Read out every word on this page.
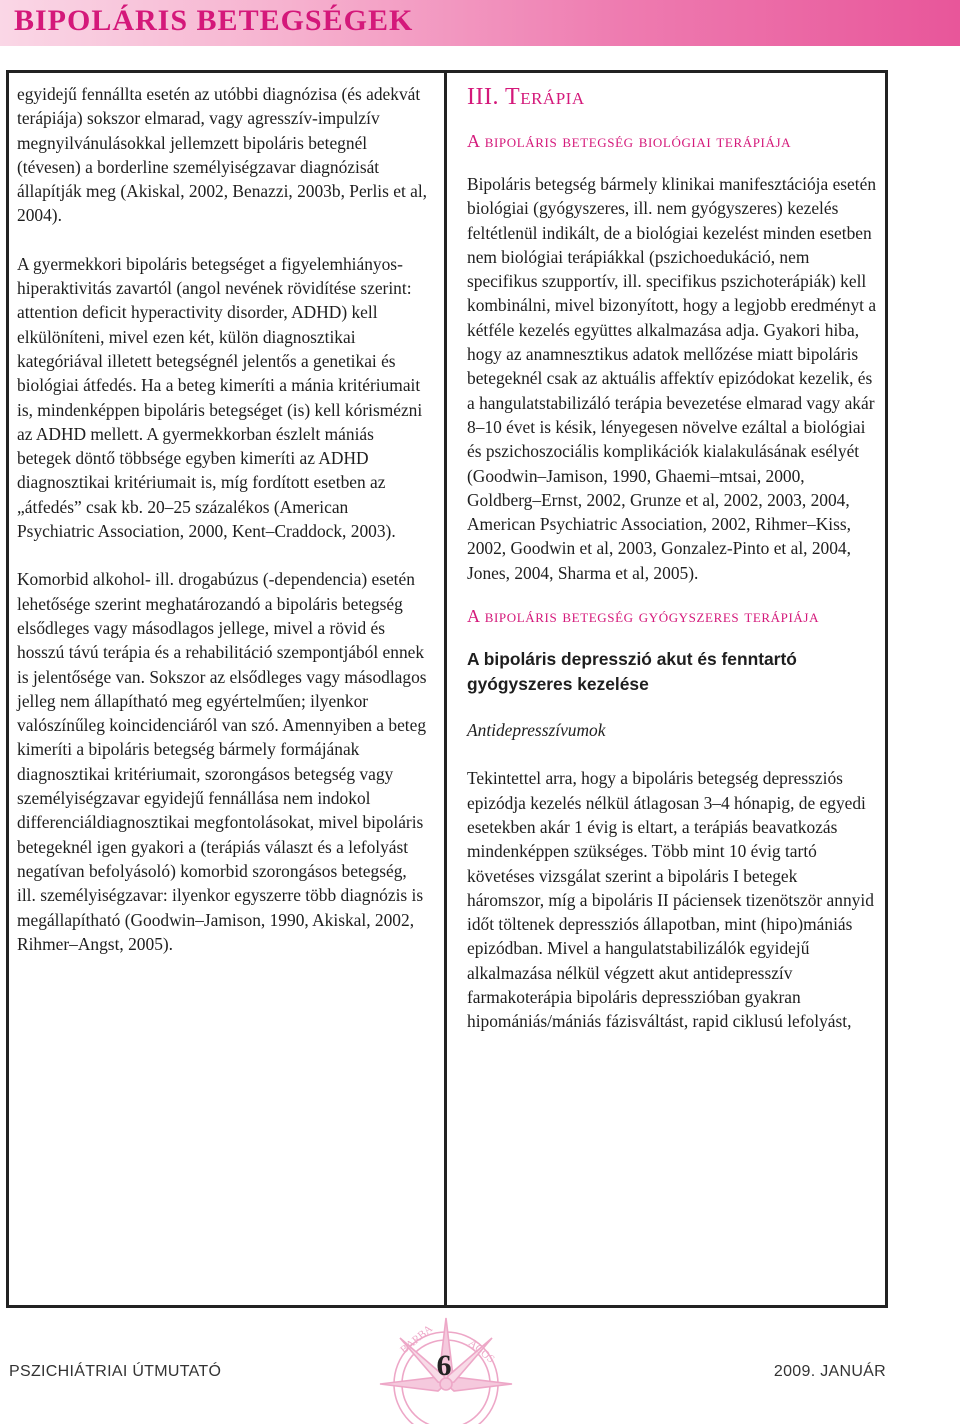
BIPOLÁRIS BETEGSÉGEK

egyidejű fennállta esetén az utóbbi diagnózisa (és adekvát terápiája) sokszor elmarad, vagy agresszív-impulzív megnyilvánulásokkal jellemzett bipoláris betegnél (tévesen) a borderline személyiségzavar diagnózisát állapítják meg (Akiskal, 2002, Benazzi, 2003b, Perlis et al, 2004).

A gyermekkori bipoláris betegséget a figyelemhiányos-hiperaktivitás zavartól (angol nevének rövidítése szerint: attention deficit hyperactivity disorder, ADHD) kell elkülöníteni, mivel ezen két, külön diagnosztikai kategóriával illetett betegségnél jelentős a genetikai és biológiai átfedés. Ha a beteg kimeríti a mánia kritériumait is, mindenképpen bipoláris betegséget (is) kell kórismézni az ADHD mellett. A gyermekkorban észlelt mániás betegek döntő többsége egyben kimeríti az ADHD diagnosztikai kritériumait is, míg fordított esetben az „átfedés” csak kb. 20–25 százalékos (American Psychiatric Association, 2000, Kent–Craddock, 2003).

Komorbid alkohol- ill. drogabúzus (-dependencia) esetén lehetősége szerint meghatározandó a bipoláris betegség elsődleges vagy másodlagos jellege, mivel a rövid és hosszú távú terápia és a rehabilitáció szempontjából ennek is jelentősége van. Sokszor az elsődleges vagy másodlagos jelleg nem állapítható meg egyértelműen; ilyenkor valószínűleg koincidenciáról van szó. Amennyiben a beteg kimeríti a bipoláris betegség bármely formájának diagnosztikai kritériumait, szorongásos betegség vagy személyiségzavar egyidejű fennállása nem indokol differenciáldiagnosztikai megfontolásokat, mivel bipoláris betegeknél igen gyakori a (terápiás választ és a lefolyást negatívan befolyásoló) komorbid szorongásos betegség, ill. személyiségzavar: ilyenkor egyszerre több diagnózis is megállapítható (Goodwin–Jamison, 1990, Akiskal, 2002, Rihmer–Angst, 2005).

III. Terápia
A bipoláris betegség biológiai terápiája

Bipoláris betegség bármely klinikai manifesztációja esetén biológiai (gyógyszeres, ill. nem gyógyszeres) kezelés feltétlenül indikált, de a biológiai kezelést minden esetben nem biológiai terápiákkal (pszichoedukáció, nem specifikus szupportív, ill. specifikus pszichoterápiák) kell kombinálni, mivel bizonyított, hogy a legjobb eredményt a kétféle kezelés együttes alkalmazása adja. Gyakori hiba, hogy az anamnesztikus adatok mellőzése miatt bipoláris betegeknél csak az aktuális affektív epizódokat kezelik, és a hangulatstabilizáló terápia bevezetése elmarad vagy akár 8–10 évet is késik, lényegesen növelve ezáltal a biológiai és pszichoszociális komplikációk kialakulásának esélyét (Goodwin–Jamison, 1990, Ghaemi–mtsai, 2000, Goldberg–Ernst, 2002, Grunze et al, 2002, 2003, 2004, American Psychiatric Association, 2002, Rihmer–Kiss, 2002, Goodwin et al, 2003, Gonzalez-Pinto et al, 2004, Jones, 2004, Sharma et al, 2005).

A bipoláris betegség gyógyszeres terápiája
A bipoláris depresszió akut és fenntartó gyógyszeres kezelése
Antidepresszívumok

Tekintettel arra, hogy a bipoláris betegség depressziós epizódja kezelés nélkül átlagosan 3–4 hónapig, de egyedi esetekben akár 1 évig is eltart, a terápiás beavatkozás mindenképpen szükséges. Több mint 10 évig tartó követéses vizsgálat szerint a bipoláris I betegek háromszor, míg a bipoláris II páciensek tizenötször annyid időt töltenek depressziós állapotban, mint (hipo)mániás epizódban. Mivel a hangulatstabilizálók egyidejű alkalmazása nélkül végzett akut antidepresszív farmakoterápia bipoláris depresszióban gyakran hipomániás/mániás fázisváltást, rapid ciklusú lefolyást,

BARBA	AGOS
PSZICHIÁTRIAI ÚTMUTATÓ	6	2009. JANUÁR
